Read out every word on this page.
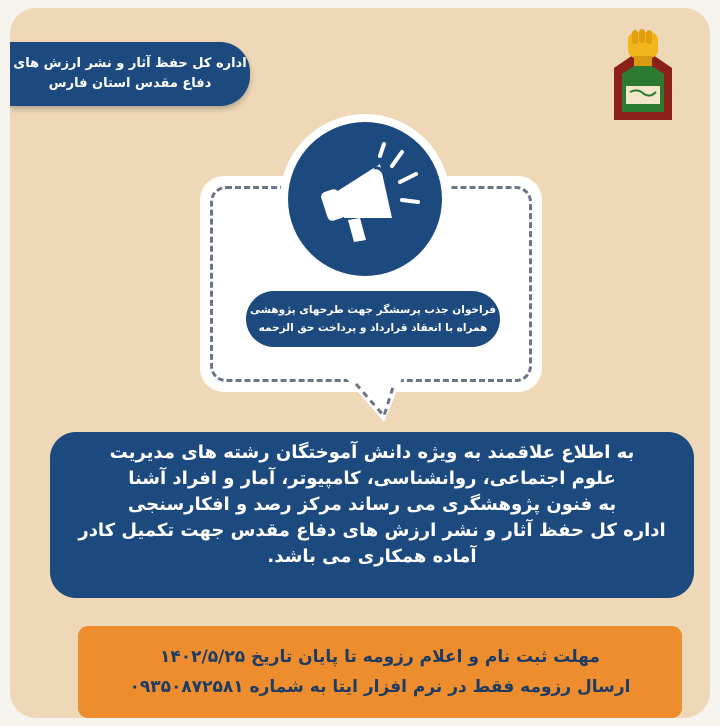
اداره کل حفظ آثار و نشر ارزش های
دفاع مقدس استان فارس
فراخوان جذب پرسشگر جهت طرحهای پژوهشی
همراه با انعقاد قرارداد و پرداخت حق الزحمه
به اطلاع علاقمند به ویژه دانش آموختگان رشته های مدیریت
علوم اجتماعی، روانشناسی، کامپیوتر، آمار و افراد آشنا
به فنون پژوهشگری می رساند مرکز رصد و افکارسنجی
اداره کل حفظ آثار و نشر ارزش های دفاع مقدس جهت تکمیل کادر
آماده همکاری می باشد.
مهلت ثبت نام و اعلام رزومه تا پایان تاریخ ۱۴۰۲/۵/۲۵
ارسال رزومه فقط در نرم افزار ایتا به شماره ۰۹۳۵۰۸۷۲۵۸۱
